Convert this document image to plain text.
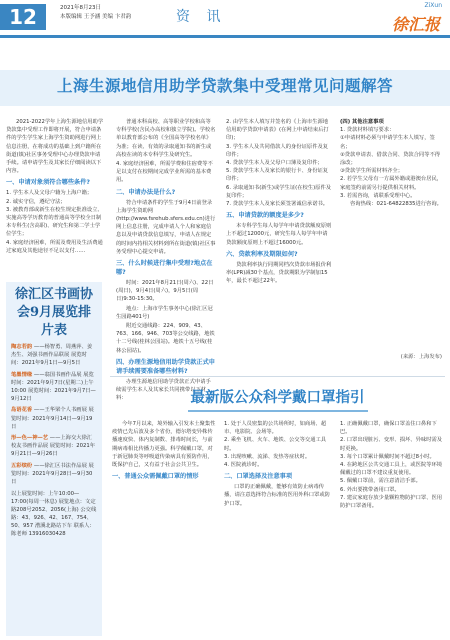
12	2021年8月23日
本版编辑 王予涵 美编 卞君韵	资 讯
ZiXun
徐汇报
上海生源地信用助学贷款集中受理常见问题解答

2021-2022学年上海生源地信用助学贷款集中受理工作即将开展，符合申请条件的学生学生家上海学生资助网进行网上信息注册，在将成功的基础上到户籍所在街道(镇)社区事务受理中心办理贷款申请手续。请申请学生及其家长仔细阅读以下内容。

一、申请对象须符合哪些条件?
1. 学生本人及父母户籍为上海户籍；
2. 诚实守信，遵纪守法；
3. 被教育部或新生在校生规定批准设立、实施高等学历教育的普通高等学校全日制本专科生(含高职)、研究生和第二学士学位学生；
4. 家庭经济困难，所需及费用及生活费通过家庭及其他途径不足以支付……

普通本科高校、高等职业学校和高等专科学校(含民办高校和独立学院)。学校名单以教育部公布的《全国高等学校名单》为准；在读、有效的录取通知书的新生或高校在读的本专科学生及研究生。

4. 家庭经济困难，所需学费和住宿费等不足以支付在校期间完成学业所需的基本费用。
二、申请办法是什么?

符合申请条件的学生于9月4日前登录上海学生资助网(http://www.fsrehub.sfers.edu.cn)进行网上信息注册，完成申请人个人和家庭信息以及申请贷款信息填写，申请人在规定的时间内持相关材料到所在街道(镇)社区事务受理中心提交申请。

三、什么时候进行集中受理?地点在哪?

时间：2021年8月21日(周六)、22日(周日)，9月4日(周六)，9月5日(周日)9:30-15:30。

地点：上海市学生事务中心(徐汇区冠生园路401号)

附近交通线路：224、909、43、763、166、946、703等公交线路，地铁十二号线(桂林公园站)。地铁十五号线(桂林公园站)。

四、办理生源地信用助学贷款正式申请手续需要准备哪些材料?

办理生源地信用助学贷款正式申请手续需学生本人及其家长共同携带以下材料：

2. 由学生本人填写并签名的《上海市生源地信用助学贷款申请表》(在网上申请结束后打印)；
3. 学生本人及共同借款人的身份证原件及复印件；
4. 贷款学生本人及父母户口簿及复印件；
5. 贷款学生本人及家长的银行卡、身份证复印件；
6. 录取通知书(新生)或学生证(在校生)原件及复印件；
7. 贷款学生本人及家长须签署诚信承诺书。
五、申请贷款的额度是多少?

本专科学生每人每学年申请贷款额度原则上不超过12000元，研究生每人每学年申请贷款额度原则上不超过16000元。

六、贷款利率及期限如何?

贷款利率执行同期同档次贷款市场报价利率(LPR)减30个基点，贷款期限为学制加15年，最长不超过22年。

(四) 其他注意事项
1. 贷款材料填写要求：
①申请材料必须与申请学生本人填写，签名；
②贷款申请表、借款合同、贷款合同等不得涂改；
③贷款学生所需材料齐全；
2. 若学生父母有一方属外籍或港澳台居民，家庭签约前需另行提供相关材料。
3. 若需咨询，请联系受理中心。

咨询热线：021-64822835进行咨询。

(来源：上海发布)
徐汇区书画协会9月展览排片表
陶志若韵 ——杨智勇、周燕萍、姜杰生、刘强书画作品联展 展览时间：2021年9月1日—9月5日
笔墨情缘 ——翁国书画作品展 展览时间：2021年9月7日(星期二)上午10:00 展览时间：2021年9月7日—9月12日
岛语花香 ——王华梁个人书画展 展览时间：2021年9月14日—9月19日
形—色—神—艺 ——上海交大徐汇校友书画作品展 展览时间：2021年9月21日—9月26日
五彩缤纷 ——徐汇区书法作品展 展览时间：2021年9月28日—9月30日
以上展览时间：上午10:00—17:00(每周一休息) 展览地点：文定路208号2052、2056(上海) 公交线路：43、926、42、167、754、50、957 漕溪北路站下车 联系人：陈老师 13916030428
最新版公众科学戴口罩指引

今年7月以来，境外输入引发本土聚集性疫情已先后波及多个省份，德尔塔变异株传播速度快、体内复制数、排毒时间长，与前期病毒相比传播力更强。科学佩戴口罩，对于新冠肺炎等呼吸道传染病具有预防作用，既保护自己，又有益于社会公共卫生。

一、普通公众需佩戴口罩的情形
1. 处于人员密集的公共场所时，如商场、超市、电影院、会场等。
2. 乘坐飞机、火车、地铁、公交等交通工具时。
3. 出现咳嗽、流涕、发热等症状时。
4. 医院就诊时。
二、口罩选择及注意事项

口罩的正确佩戴，能够有效防止病毒传播，请注意选择符合标准的医用外科口罩或防护口罩。

1. 正确佩戴口罩，确保口罩盖住口鼻和下巴。
2. 口罩出现脏污、变形、损坏、异味时需及时更换。
3. 每个口罩累计佩戴时间不超过8小时。
4. 在跨地区公共交通工具上，或医院等环境佩戴过的口罩不建议重复使用。
5. 佩戴口罩前，需注意清洁手部。
6. 外出要携带备用口罩。
7. 建议家庭存放少量颗粒物防护口罩、医用防护口罩备用。
